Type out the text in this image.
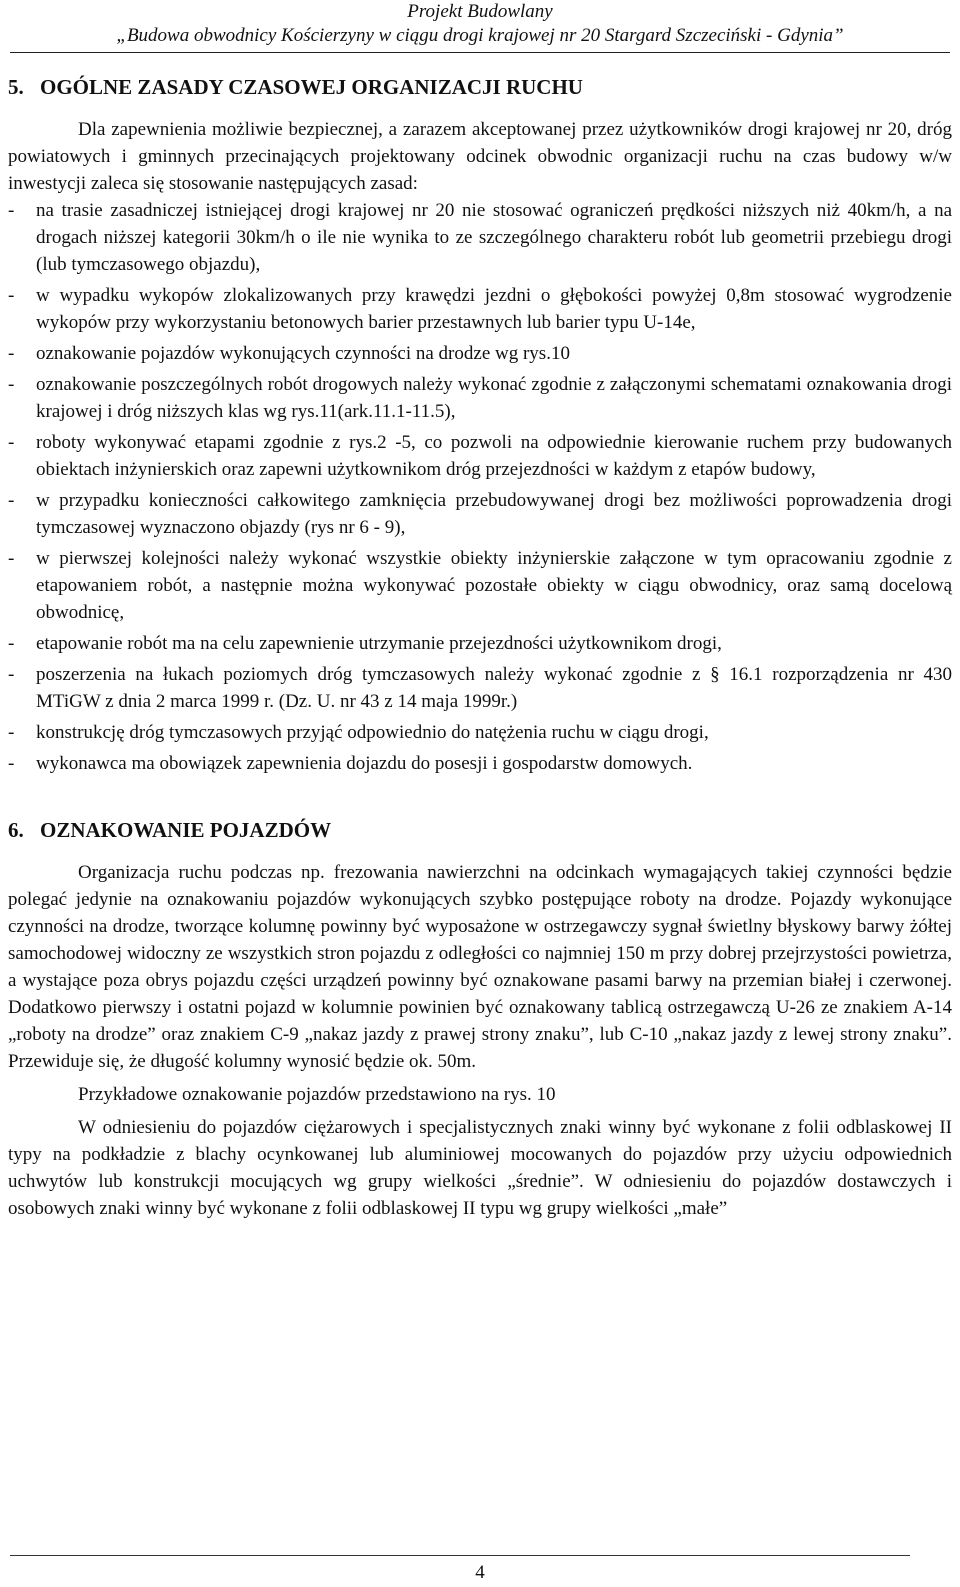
Projekt Budowlany
„Budowa obwodnicy Kościerzyny w ciągu drogi krajowej nr 20 Stargard Szczeciński - Gdynia”
5. OGÓLNE ZASADY CZASOWEJ ORGANIZACJI RUCHU

Dla zapewnienia możliwie bezpiecznej, a zarazem akceptowanej przez użytkowników drogi krajowej nr 20, dróg powiatowych i gminnych przecinających projektowany odcinek obwodnic organizacji ruchu na czas budowy w/w inwestycji zaleca się stosowanie następujących zasad:

- na trasie zasadniczej istniejącej drogi krajowej nr 20 nie stosować ograniczeń prędkości niższych niż 40km/h, a na drogach niższej kategorii 30km/h o ile nie wynika to ze szczególnego charakteru robót lub geometrii przebiegu drogi (lub tymczasowego objazdu),
- w wypadku wykopów zlokalizowanych przy krawędzi jezdni o głębokości powyżej 0,8m stosować wygrodzenie wykopów przy wykorzystaniu betonowych barier przestawnych lub barier typu U-14e,
- oznakowanie pojazdów wykonujących czynności na drodze wg rys.10
- oznakowanie poszczególnych robót drogowych należy wykonać zgodnie z załączonymi schematami oznakowania drogi krajowej i dróg niższych klas wg rys.11(ark.11.1-11.5),
- roboty wykonywać etapami zgodnie z rys.2 -5, co pozwoli na odpowiednie kierowanie ruchem przy budowanych obiektach inżynierskich oraz zapewni użytkownikom dróg przejezdności w każdym z etapów budowy,
- w przypadku konieczności całkowitego zamknięcia przebudowywanej drogi bez możliwości poprowadzenia drogi tymczasowej wyznaczono objazdy (rys nr 6 - 9),
- w pierwszej kolejności należy wykonać wszystkie obiekty inżynierskie załączone w tym opracowaniu zgodnie z etapowaniem robót, a następnie można wykonywać pozostałe obiekty w ciągu obwodnicy, oraz samą docelową obwodnicę,
- etapowanie robót ma na celu zapewnienie utrzymanie przejezdności użytkownikom drogi,
- poszerzenia na łukach poziomych dróg tymczasowych należy wykonać zgodnie z § 16.1 rozporządzenia nr 430 MTiGW z dnia 2 marca 1999 r. (Dz. U. nr 43 z 14 maja 1999r.)
- konstrukcję dróg tymczasowych przyjąć odpowiednio do natężenia ruchu w ciągu drogi,
- wykonawca ma obowiązek zapewnienia dojazdu do posesji i gospodarstw domowych.
6. OZNAKOWANIE POJAZDÓW

Organizacja ruchu podczas np. frezowania nawierzchni na odcinkach wymagających takiej czynności będzie polegać jedynie na oznakowaniu pojazdów wykonujących szybko postępujące roboty na drodze. Pojazdy wykonujące czynności na drodze, tworzące kolumnę powinny być wyposażone w ostrzegawczy sygnał świetlny błyskowy barwy żółtej samochodowej widoczny ze wszystkich stron pojazdu z odległości co najmniej 150 m przy dobrej przejrzystości powietrza, a wystające poza obrys pojazdu części urządzeń powinny być oznakowane pasami barwy na przemian białej i czerwonej. Dodatkowo pierwszy i ostatni pojazd w kolumnie powinien być oznakowany tablicą ostrzegawczą U-26 ze znakiem A-14 „roboty na drodze” oraz znakiem C-9 „nakaz jazdy z prawej strony znaku”, lub C-10 „nakaz jazdy z lewej strony znaku”. Przewiduje się, że długość kolumny wynosić będzie ok. 50m.

Przykładowe oznakowanie pojazdów przedstawiono na rys. 10

W odniesieniu do pojazdów ciężarowych i specjalistycznych znaki winny być wykonane z folii odblaskowej II typy na podkładzie z blachy ocynkowanej lub aluminiowej mocowanych do pojazdów przy użyciu odpowiednich uchwytów lub konstrukcji mocujących wg grupy wielkości „średnie”. W odniesieniu do pojazdów dostawczych i osobowych znaki winny być wykonane z folii odblaskowej II typu wg grupy wielkości „małe”

4
